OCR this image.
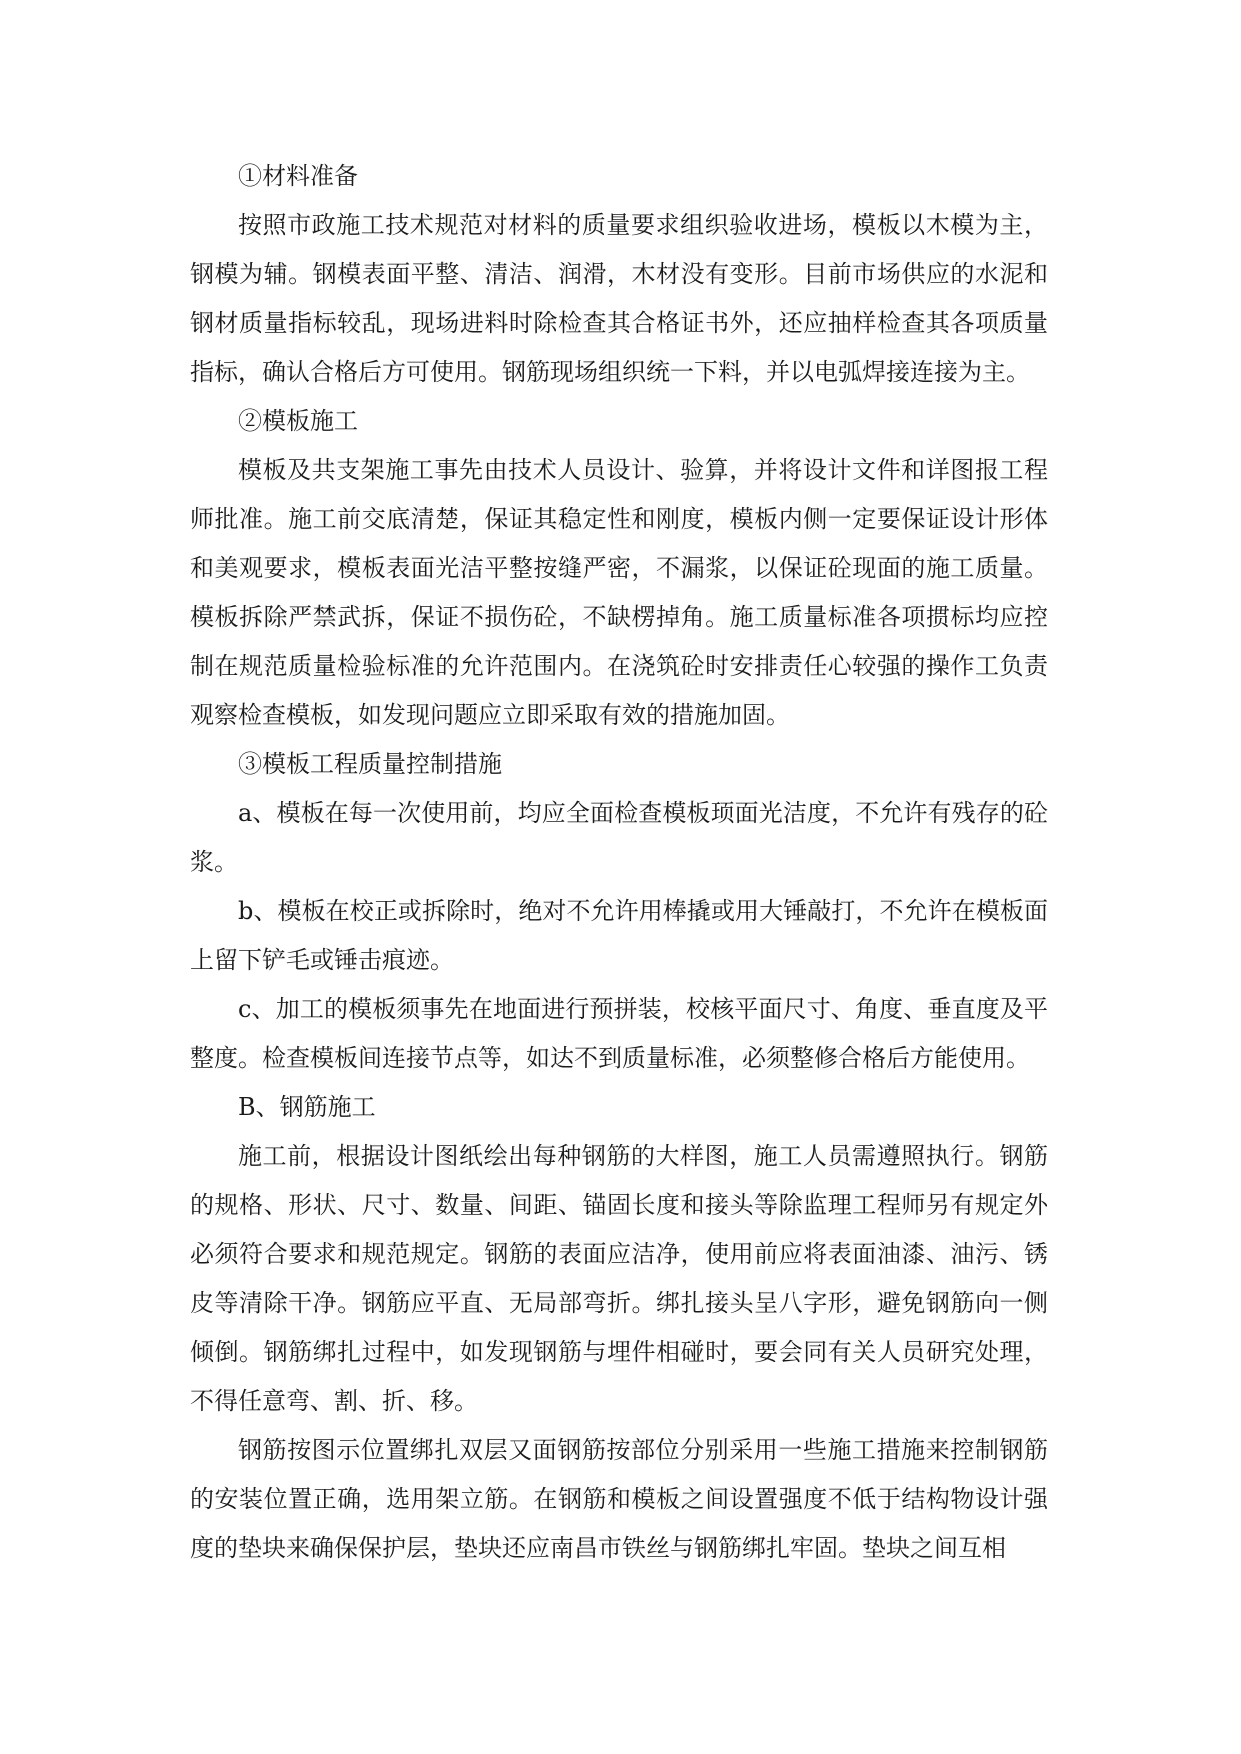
①材料准备

按照市政施工技术规范对材料的质量要求组织验收进场，模板以木模为主，钢模为辅。钢模表面平整、清洁、润滑，木材没有变形。目前市场供应的水泥和钢材质量指标较乱，现场进料时除检查其合格证书外，还应抽样检查其各项质量指标，确认合格后方可使用。钢筋现场组织统一下料，并以电弧焊接连接为主。

②模板施工

模板及共支架施工事先由技术人员设计、验算，并将设计文件和详图报工程师批准。施工前交底清楚，保证其稳定性和刚度，模板内侧一定要保证设计形体和美观要求，模板表面光洁平整按缝严密，不漏浆，以保证砼现面的施工质量。模板拆除严禁武拆，保证不损伤砼，不缺楞掉角。施工质量标准各项掼标均应控制在规范质量检验标准的允许范围内。在浇筑砼时安排责任心较强的操作工负责观察检查模板，如发现问题应立即采取有效的措施加固。

③模板工程质量控制措施

a、模板在每一次使用前，均应全面检查模板顼面光洁度，不允许有残存的砼浆。

b、模板在校正或拆除时，绝对不允许用棒撬或用大锤敲打，不允许在模板面上留下铲毛或锤击痕迹。

c、加工的模板须事先在地面进行预拼装，校核平面尺寸、角度、垂直度及平整度。检查模板间连接节点等，如达不到质量标准，必须整修合格后方能使用。

B、钢筋施工

施工前，根据设计图纸绘出每种钢筋的大样图，施工人员需遵照执行。钢筋的规格、形状、尺寸、数量、间距、锚固长度和接头等除监理工程师另有规定外必须符合要求和规范规定。钢筋的表面应洁净，使用前应将表面油漆、油污、锈皮等清除干净。钢筋应平直、无局部弯折。绑扎接头呈八字形，避免钢筋向一侧倾倒。钢筋绑扎过程中，如发现钢筋与埋件相碰时，要会同有关人员研究处理，不得任意弯、割、折、移。

钢筋按图示位置绑扎双层又面钢筋按部位分别采用一些施工措施来控制钢筋的安装位置正确，选用架立筋。在钢筋和模板之间设置强度不低于结构物设计强度的垫块来确保保护层，垫块还应南昌市铁丝与钢筋绑扎牢固。垫块之间互相
